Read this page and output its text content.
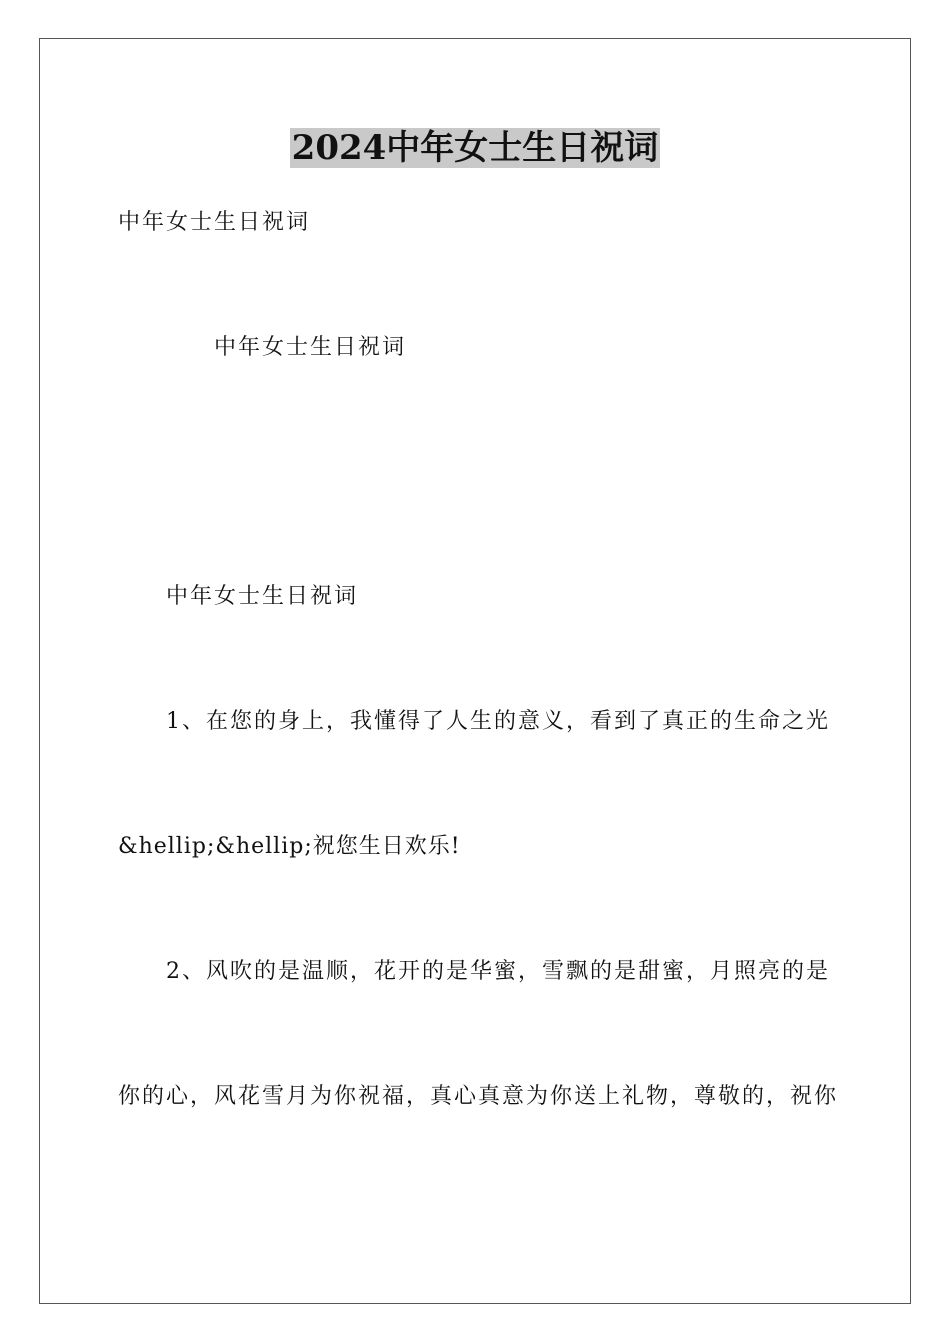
2024中年女士生日祝词
中年女士生日祝词
中年女士生日祝词
中年女士生日祝词
1、在您的身上，我懂得了人生的意义，看到了真正的生命之光
&hellip;&hellip;祝您生日欢乐!
2、风吹的是温顺，花开的是华蜜，雪飘的是甜蜜，月照亮的是
你的心，风花雪月为你祝福，真心真意为你送上礼物，尊敬的，祝你
